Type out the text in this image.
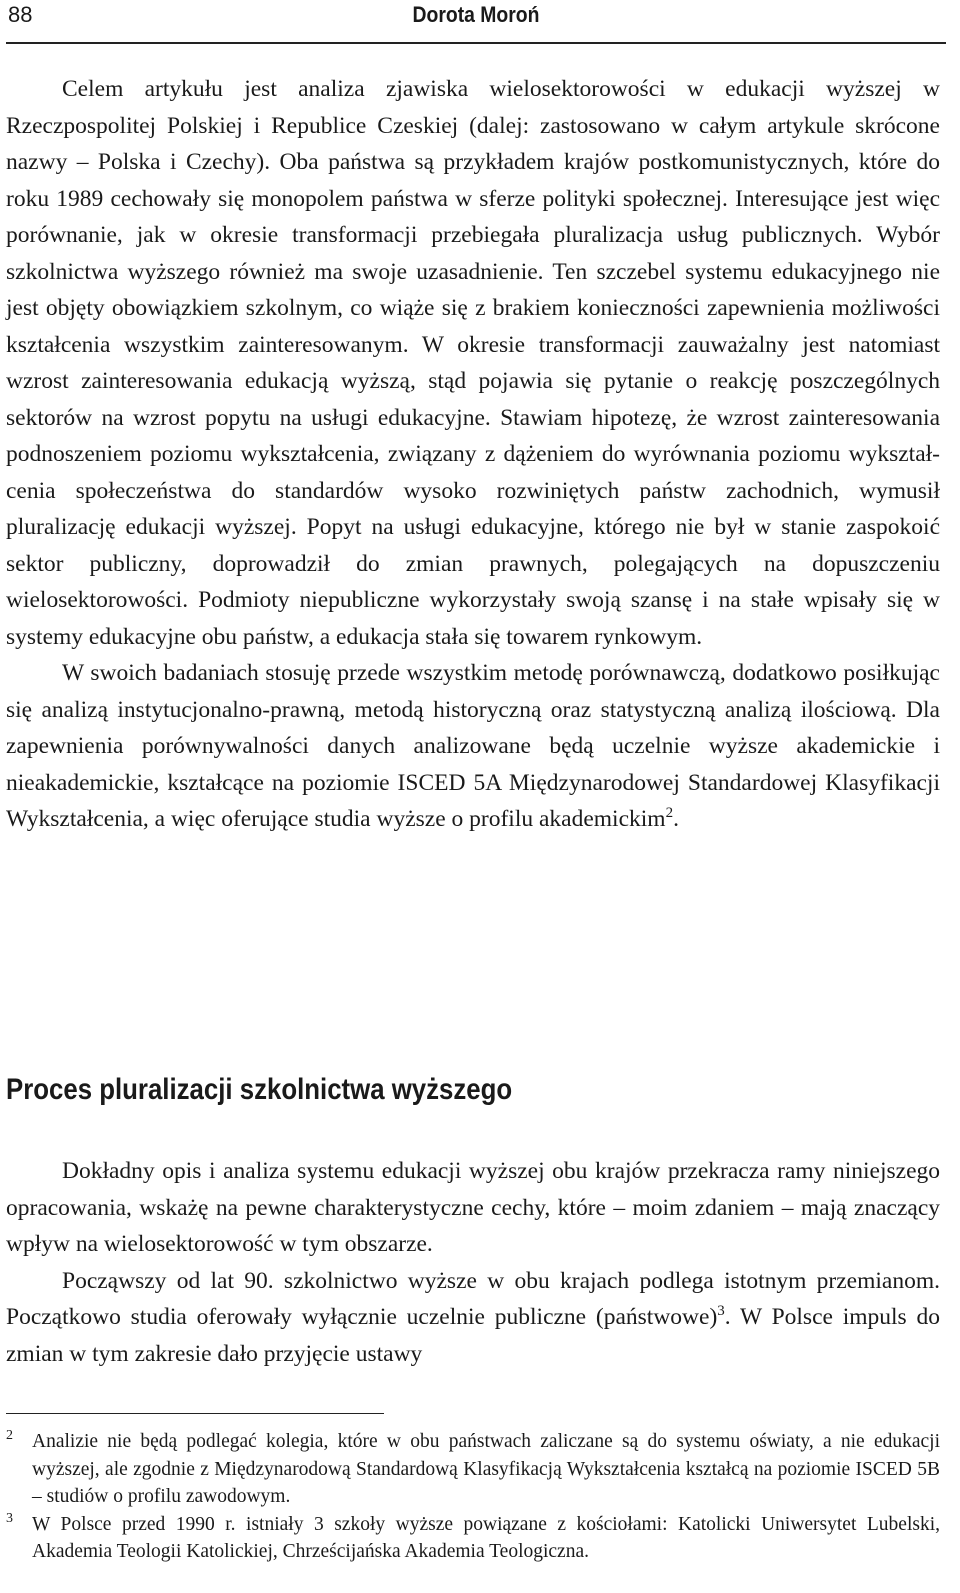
88	Dorota Moroń

Celem artykułu jest analiza zjawiska wielosektorowości w edukacji wyższej w Rzeczpospolitej Polskiej i Republice Czeskiej (dalej: zastosowano w całym artykule skrócone nazwy – Polska i Czechy). Oba państwa są przykładem krajów postkomunistycznych, które do roku 1989 cechowały się monopolem państwa w sferze polityki społecznej. Interesujące jest więc porównanie, jak w okresie transformacji przebiegała pluralizacja usług publicznych. Wybór szkolnictwa wyższego również ma swoje uzasadnienie. Ten szczebel systemu edukacyjnego nie jest objęty obowiązkiem szkolnym, co wiąże się z brakiem konieczności zapewnienia możliwości kształcenia wszystkim zainteresowanym. W okresie transformacji zauważalny jest natomiast wzrost zainteresowania edukacją wyższą, stąd pojawia się pytanie o reakcję poszczególnych sektorów na wzrost popytu na usługi edukacyjne. Stawiam hipotezę, że wzrost zainteresowania podnoszeniem poziomu wykształcenia, związany z dążeniem do wyrównania poziomu wykształcenia społeczeństwa do standardów wysoko rozwiniętych państw zachodnich, wymusił pluralizację edukacji wyższej. Popyt na usługi edukacyjne, którego nie był w stanie zaspokoić sektor publiczny, doprowadził do zmian prawnych, polegających na dopuszczeniu wielosektorowości. Podmioty niepubliczne wykorzystały swoją szansę i na stałe wpisały się w systemy edukacyjne obu państw, a edukacja stała się towarem rynkowym.

W swoich badaniach stosuję przede wszystkim metodę porównawczą, dodatkowo posiłkując się analizą instytucjonalno-prawną, metodą historyczną oraz statystyczną analizą ilościową. Dla zapewnienia porównywalności danych analizowane będą uczelnie wyższe akademickie i nieakademickie, kształcące na poziomie ISCED 5A Międzynarodowej Standardowej Klasyfikacji Wykształcenia, a więc oferujące studia wyższe o profilu akademickim$^2$.

Proces pluralizacji szkolnictwa wyższego

Dokładny opis i analiza systemu edukacji wyższej obu krajów przekracza ramy niniejszego opracowania, wskażę na pewne charakterystyczne cechy, które – moim zdaniem – mają znaczący wpływ na wielosektorowość w tym obszarze.

Począwszy od lat 90. szkolnictwo wyższe w obu krajach podlega istotnym przemianom. Początkowo studia oferowały wyłącznie uczelnie publiczne (państwowe)$^3$. W Polsce impuls do zmian w tym zakresie dało przyjęcie ustawy

2 Analizie nie będą podlegać kolegia, które w obu państwach zaliczane są do systemu oświaty, a nie edukacji wyższej, ale zgodnie z Międzynarodową Standardową Klasyfikacją Wykształcenia kształcą na poziomie ISCED 5B – studiów o profilu zawodowym.

3 W Polsce przed 1990 r. istniały 3 szkoły wyższe powiązane z kościołami: Katolicki Uniwersytet Lubelski, Akademia Teologii Katolickiej, Chrześcijańska Akademia Teologiczna.
